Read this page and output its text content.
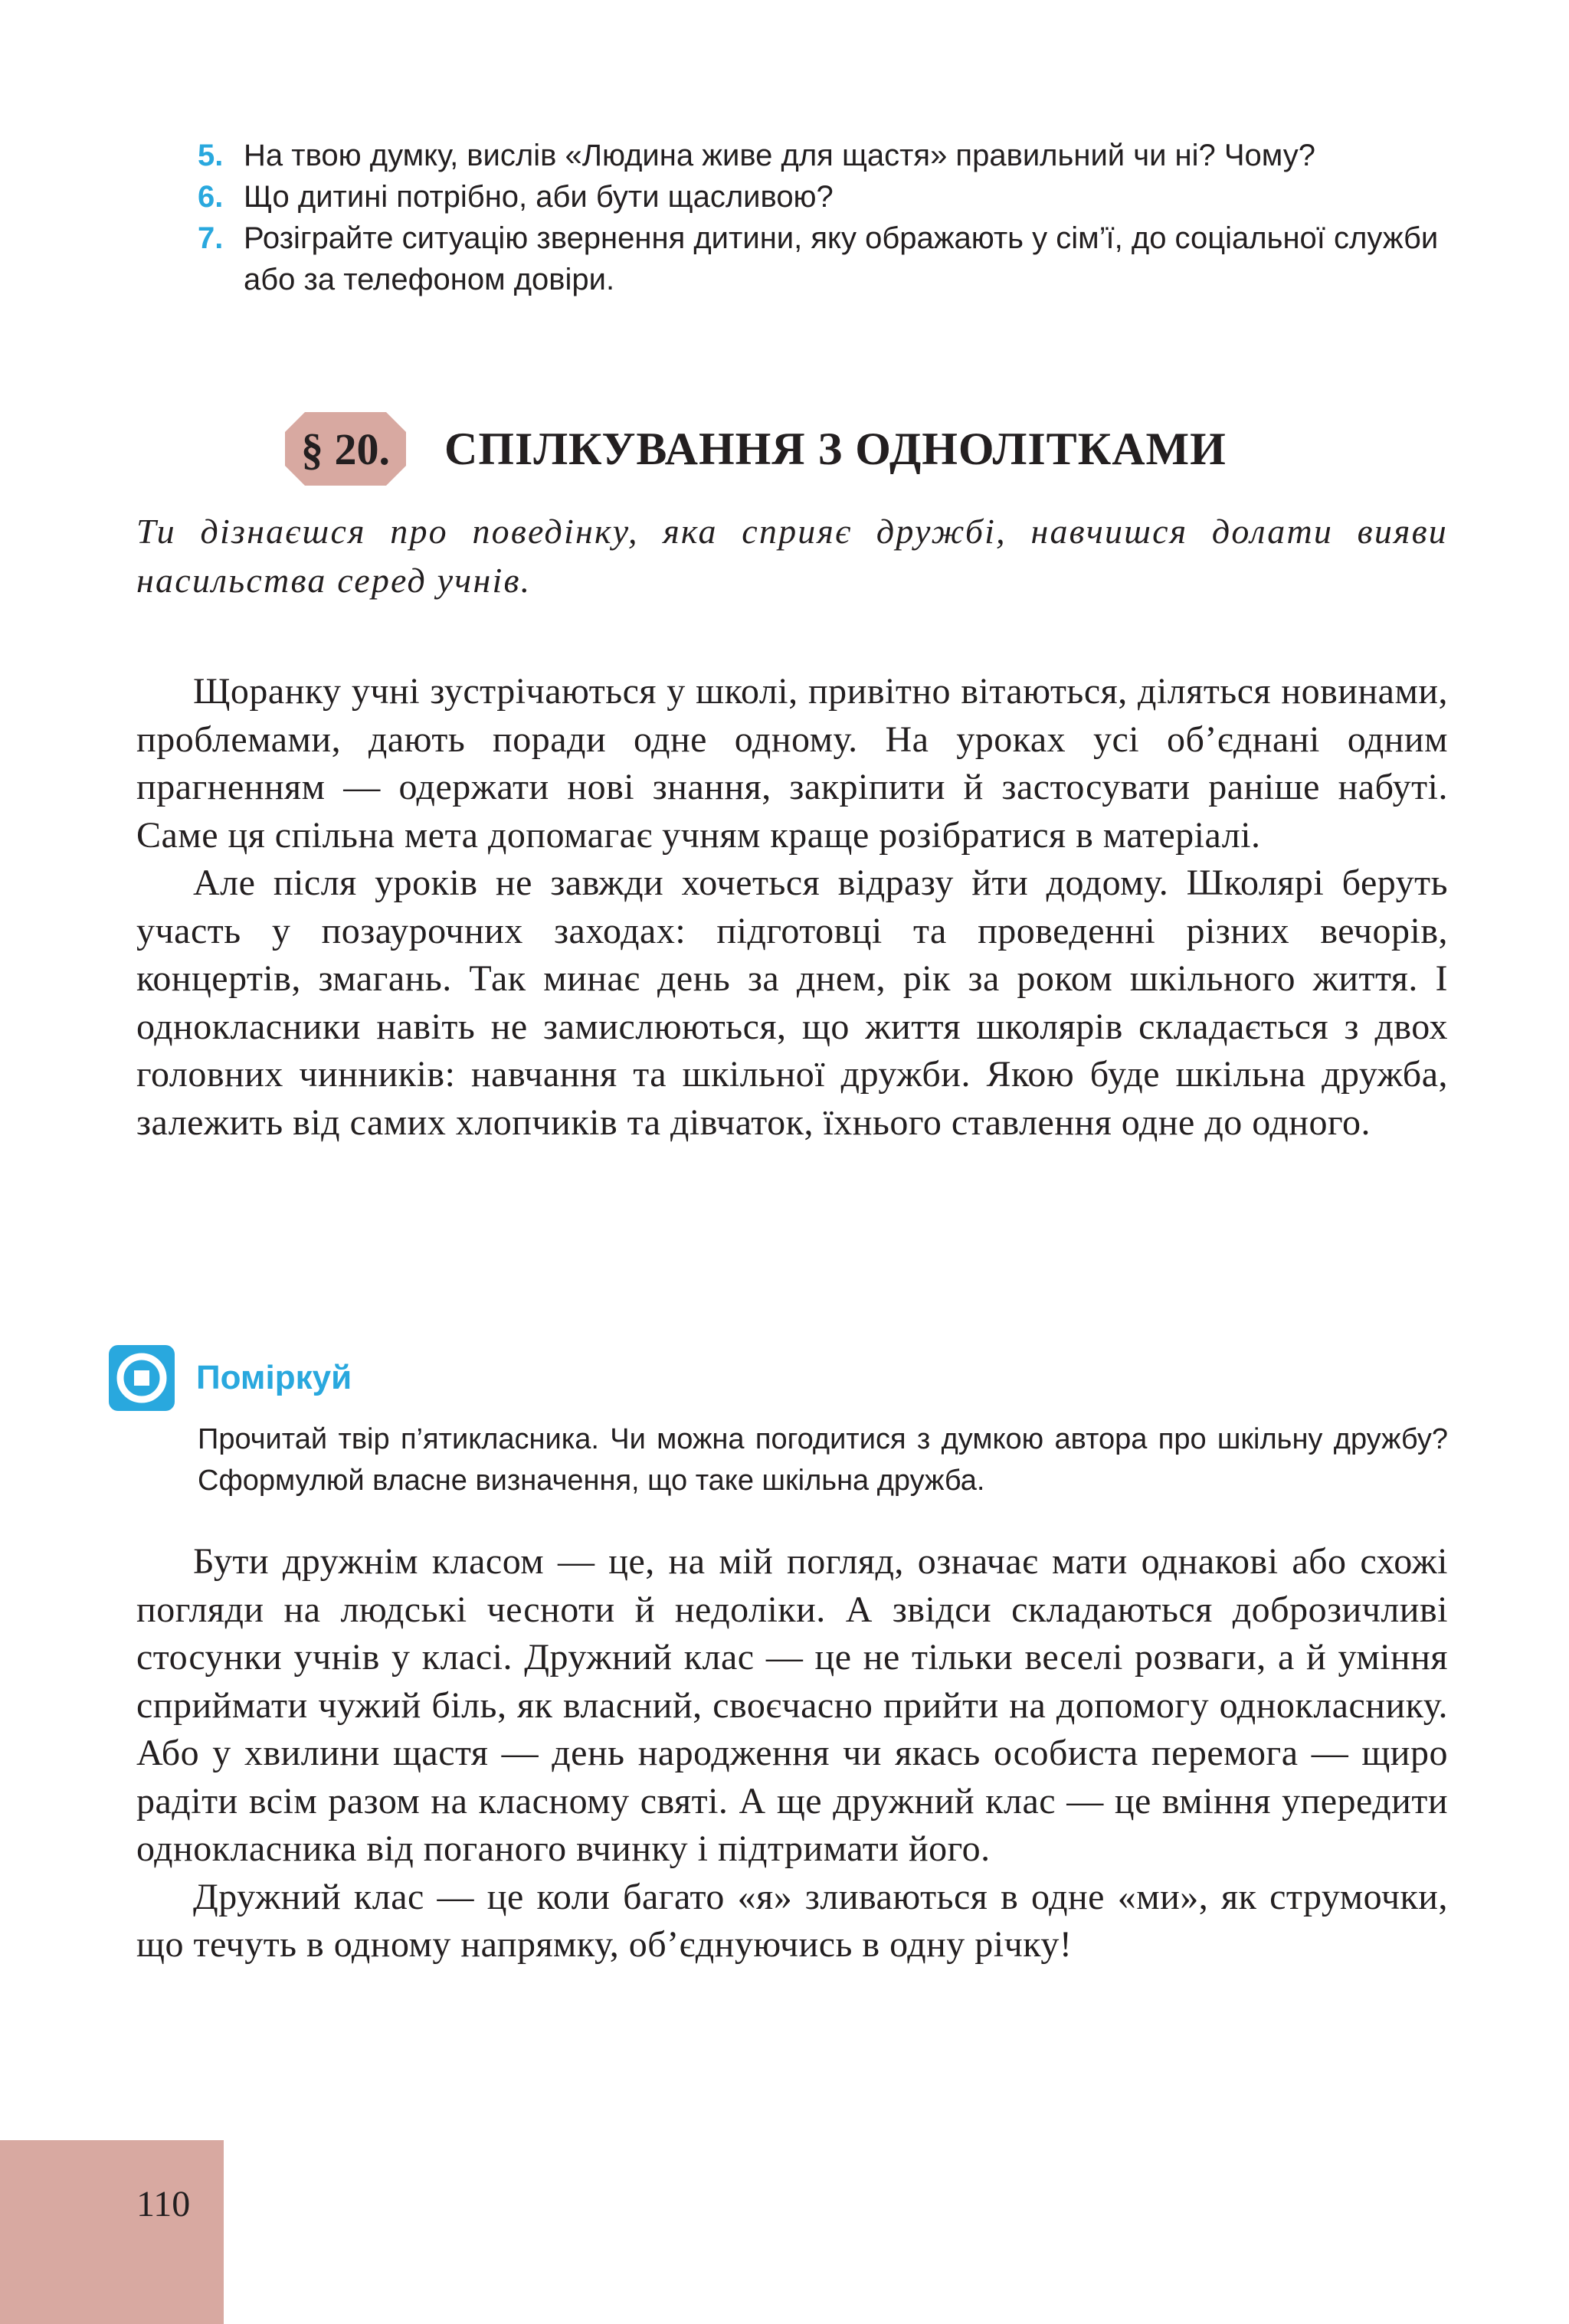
5. На твою думку, вислів «Людина живе для щастя» правильний чи ні? Чому?
6. Що дитині потрібно, аби бути щасливою?
7. Розіграйте ситуацію звернення дитини, яку ображають у сім’ї, до соціальної служби або за телефоном довіри.
§ 20. СПІЛКУВАННЯ З ОДНОЛІТКАМИ
Ти дізнаєшся про поведінку, яка сприяє дружбі, навчишся долати вияви насильства серед учнів.

Щоранку учні зустрічаються у школі, привітно вітаються, діляться новинами, проблемами, дають поради одне одному. На уроках усі об’єднані одним прагненням — одержати нові знання, закріпити й застосувати раніше набуті. Саме ця спільна мета допомагає учням краще розібратися в матеріалі.

Але після уроків не завжди хочеться відразу йти додому. Школярі беруть участь у позаурочних заходах: підготовці та проведенні різних вечорів, концертів, змагань. Так минає день за днем, рік за роком шкільного життя. І однокласники навіть не замислюються, що життя школярів складається з двох головних чинників: навчання та шкільної дружби. Якою буде шкільна дружба, залежить від самих хлопчиків та дівчаток, їхнього ставлення одне до одного.

Поміркуй
Прочитай твір п’ятикласника. Чи можна погодитися з думкою автора про шкільну дружбу? Сформулюй власне визначення, що таке шкільна дружба.

Бути дружнім класом — це, на мій погляд, означає мати однакові або схожі погляди на людські чесноти й недоліки. А звідси складаються доброзичливі стосунки учнів у класі. Дружний клас — це не тільки веселі розваги, а й уміння сприймати чужий біль, як власний, своєчасно прийти на допомогу однокласнику. Або у хвилини щастя — день народження чи якась особиста перемога — щиро радіти всім разом на класному святі. А ще дружний клас — це вміння упередити однокласника від поганого вчинку і підтримати його.

Дружний клас — це коли багато «я» зливаються в одне «ми», як струмочки, що течуть в одному напрямку, об’єднуючись в одну річку!

110
